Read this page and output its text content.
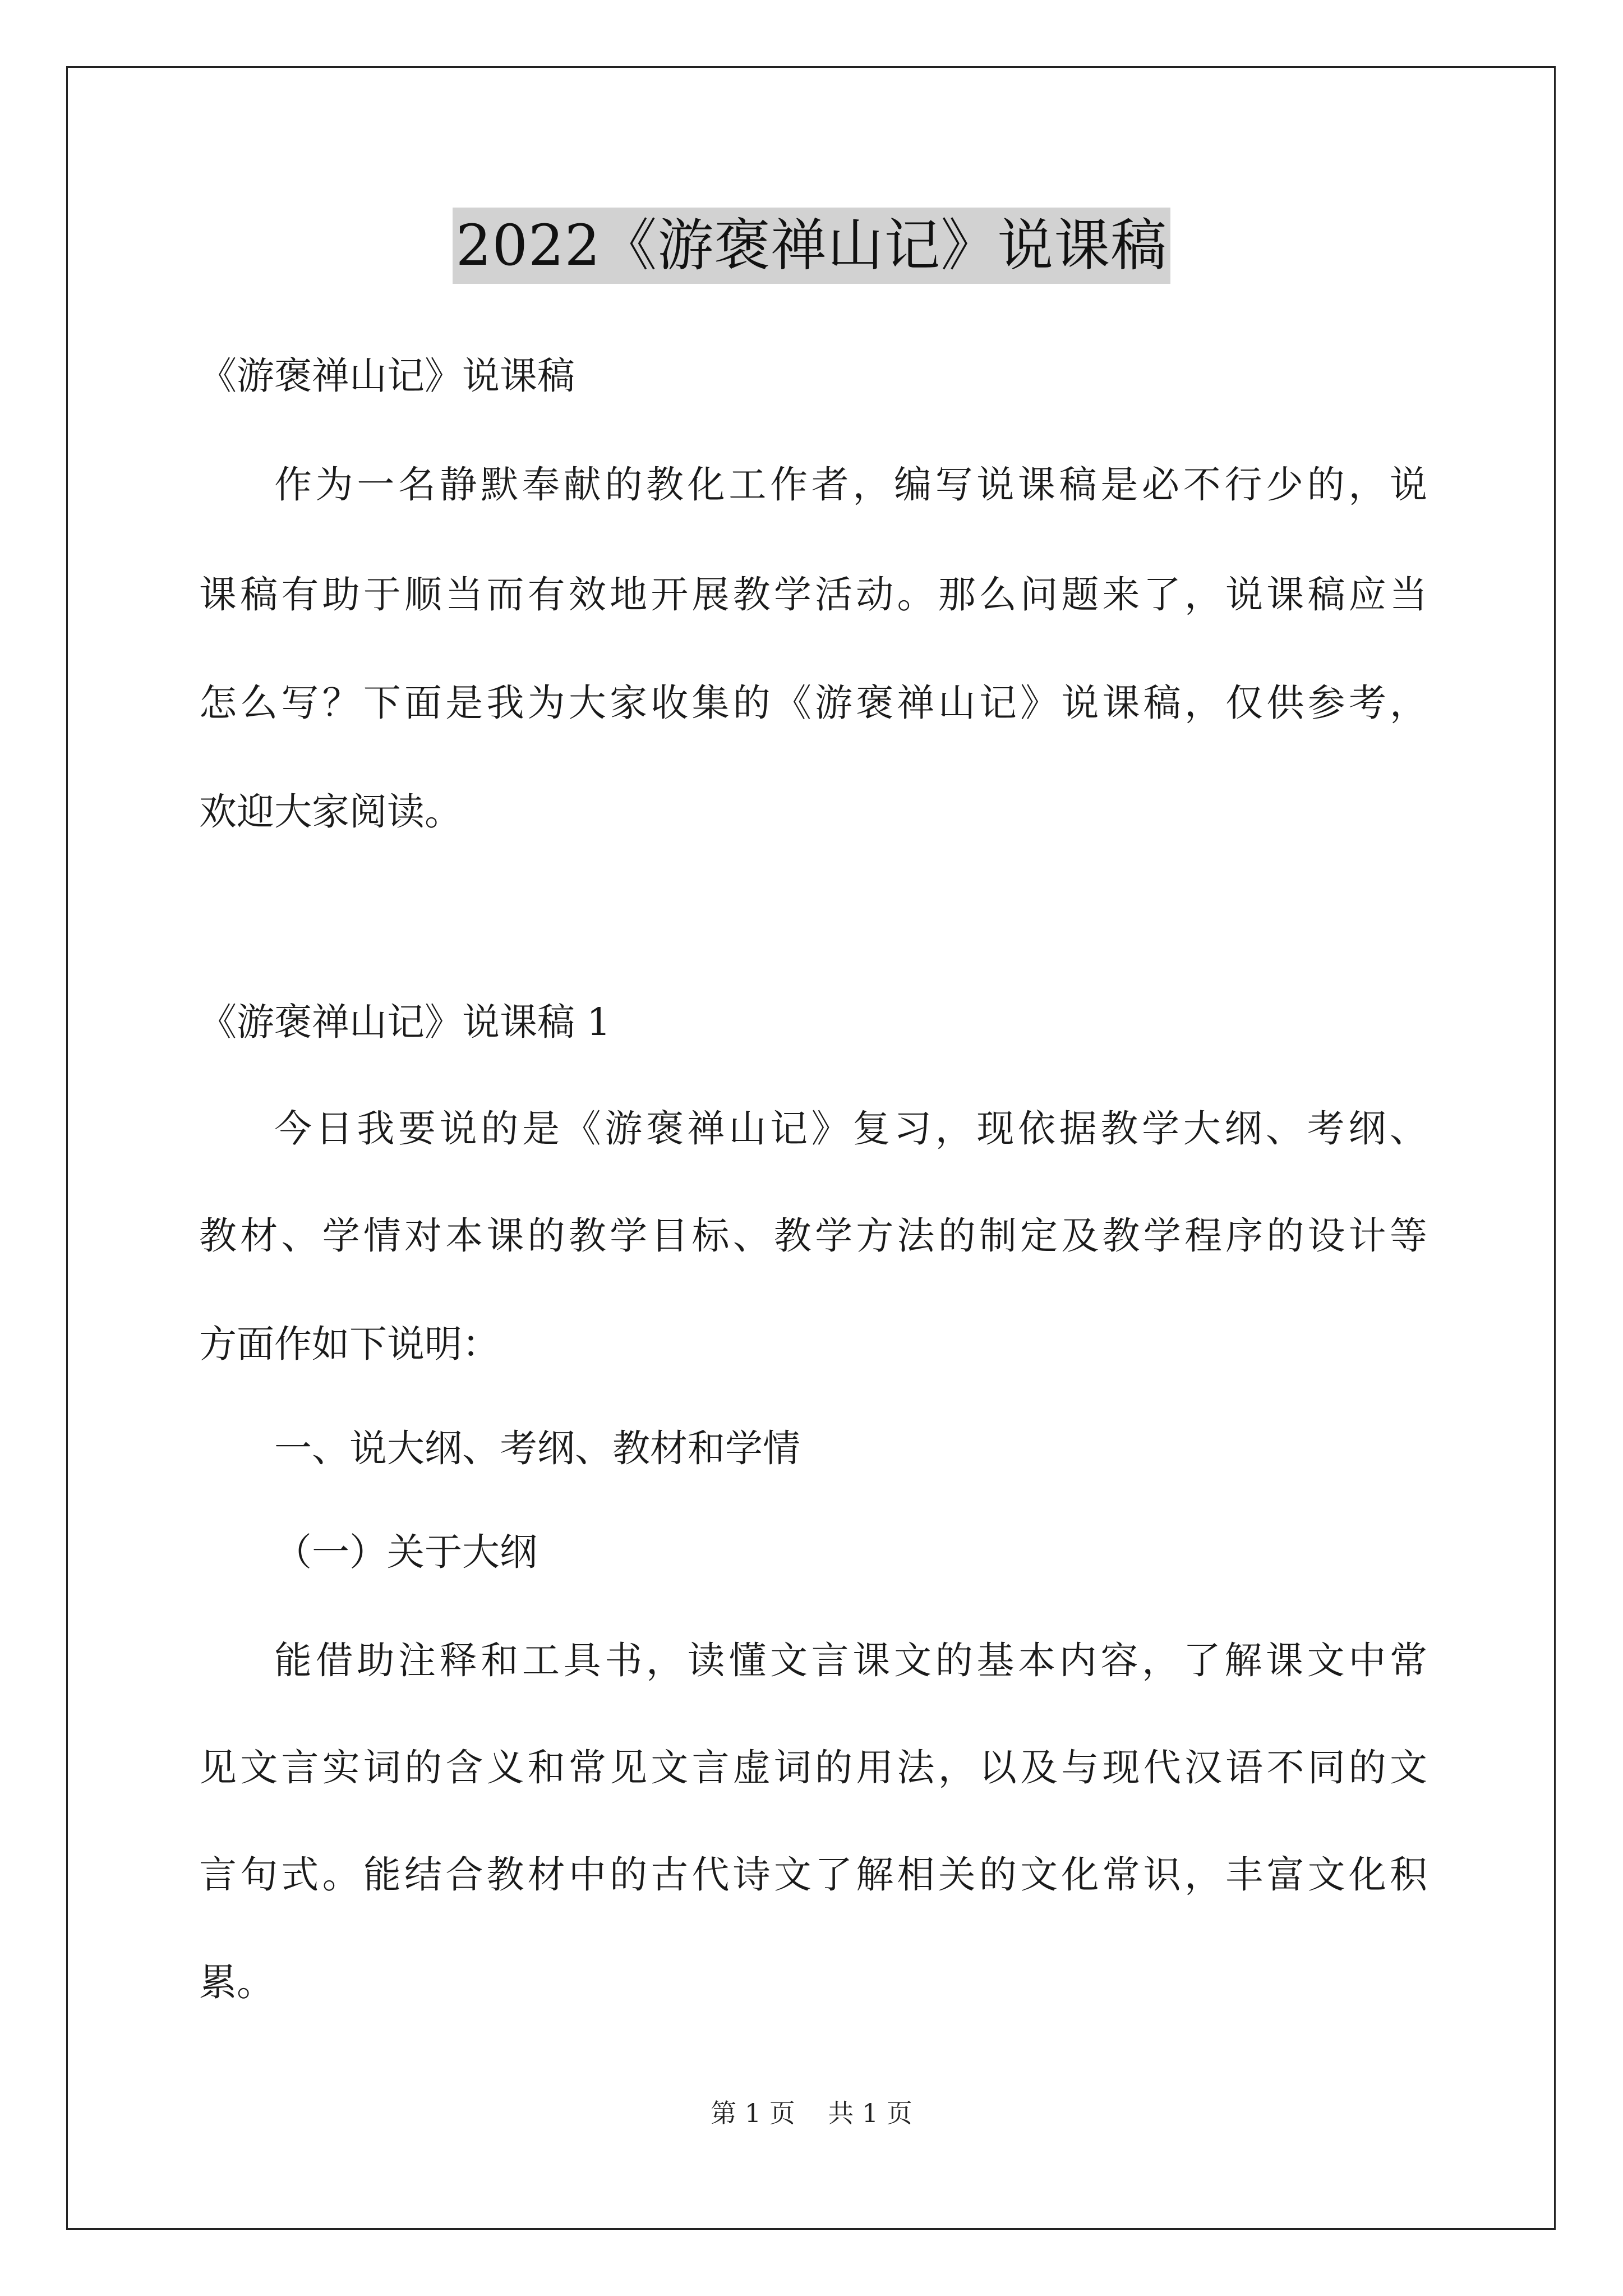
2022《游褒禅山记》说课稿
《游褒禅山记》说课稿
作为一名静默奉献的教化工作者，编写说课稿是必不行少的，说
课稿有助于顺当而有效地开展教学活动。那么问题来了，说课稿应当
怎么写？下面是我为大家收集的《游褒禅山记》说课稿，仅供参考，
欢迎大家阅读。
《游褒禅山记》说课稿 1
今日我要说的是《游褒禅山记》复习，现依据教学大纲、考纲、
教材、学情对本课的教学目标、教学方法的制定及教学程序的设计等
方面作如下说明：
一、说大纲、考纲、教材和学情
（一）关于大纲
能借助注释和工具书，读懂文言课文的基本内容，了解课文中常
见文言实词的含义和常见文言虚词的用法，以及与现代汉语不同的文
言句式。能结合教材中的古代诗文了解相关的文化常识，丰富文化积
累。
第 1 页 共 1 页
